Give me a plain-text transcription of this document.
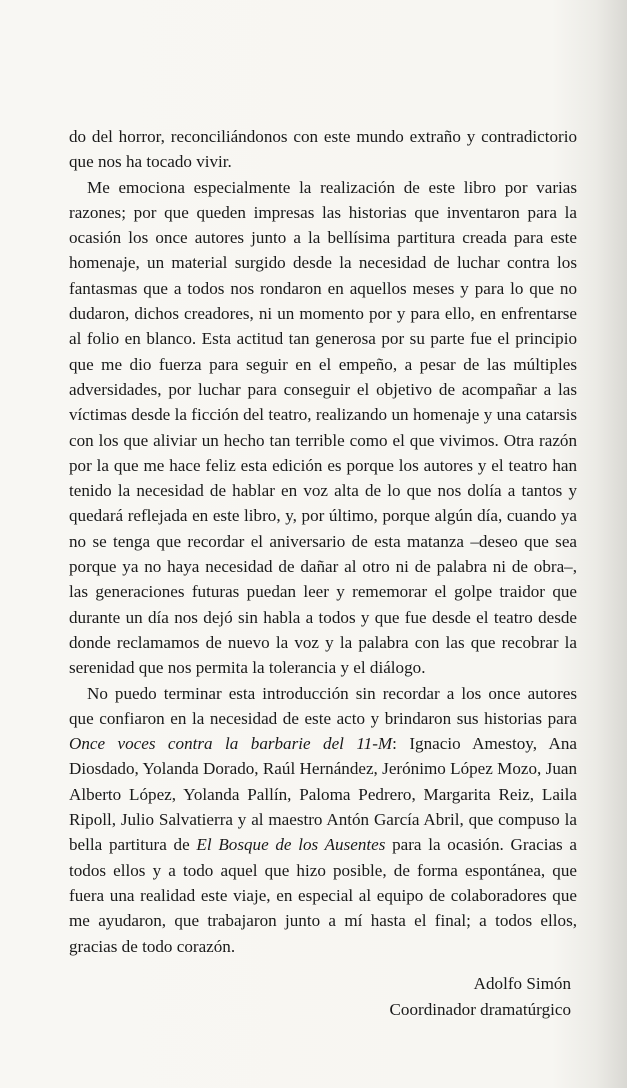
do del horror, reconciliándonos con este mundo extraño y contradictorio que nos ha tocado vivir.

Me emociona especialmente la realización de este libro por varias razones; por que queden impresas las historias que inventaron para la ocasión los once autores junto a la bellísima partitura creada para este homenaje, un material surgido desde la necesidad de luchar contra los fantasmas que a todos nos rondaron en aquellos meses y para lo que no dudaron, dichos creadores, ni un momento por y para ello, en enfrentarse al folio en blanco. Esta actitud tan generosa por su parte fue el principio que me dio fuerza para seguir en el empeño, a pesar de las múltiples adversidades, por luchar para conseguir el objetivo de acompañar a las víctimas desde la ficción del teatro, realizando un homenaje y una catarsis con los que aliviar un hecho tan terrible como el que vivimos. Otra razón por la que me hace feliz esta edición es porque los autores y el teatro han tenido la necesidad de hablar en voz alta de lo que nos dolía a tantos y quedará reflejada en este libro, y, por último, porque algún día, cuando ya no se tenga que recordar el aniversario de esta matanza –deseo que sea porque ya no haya necesidad de dañar al otro ni de palabra ni de obra–, las generaciones futuras puedan leer y rememorar el golpe traidor que durante un día nos dejó sin habla a todos y que fue desde el teatro desde donde reclamamos de nuevo la voz y la palabra con las que recobrar la serenidad que nos permita la tolerancia y el diálogo.

No puedo terminar esta introducción sin recordar a los once autores que confiaron en la necesidad de este acto y brindaron sus historias para Once voces contra la barbarie del 11-M: Ignacio Amestoy, Ana Diosdado, Yolanda Dorado, Raúl Hernández, Jerónimo López Mozo, Juan Alberto López, Yolanda Pallín, Paloma Pedrero, Margarita Reiz, Laila Ripoll, Julio Salvatierra y al maestro Antón García Abril, que compuso la bella partitura de El Bosque de los Ausentes para la ocasión. Gracias a todos ellos y a todo aquel que hizo posible, de forma espontánea, que fuera una realidad este viaje, en especial al equipo de colaboradores que me ayudaron, que trabajaron junto a mí hasta el final; a todos ellos, gracias de todo corazón.

Adolfo Simón
Coordinador dramatúrgico
